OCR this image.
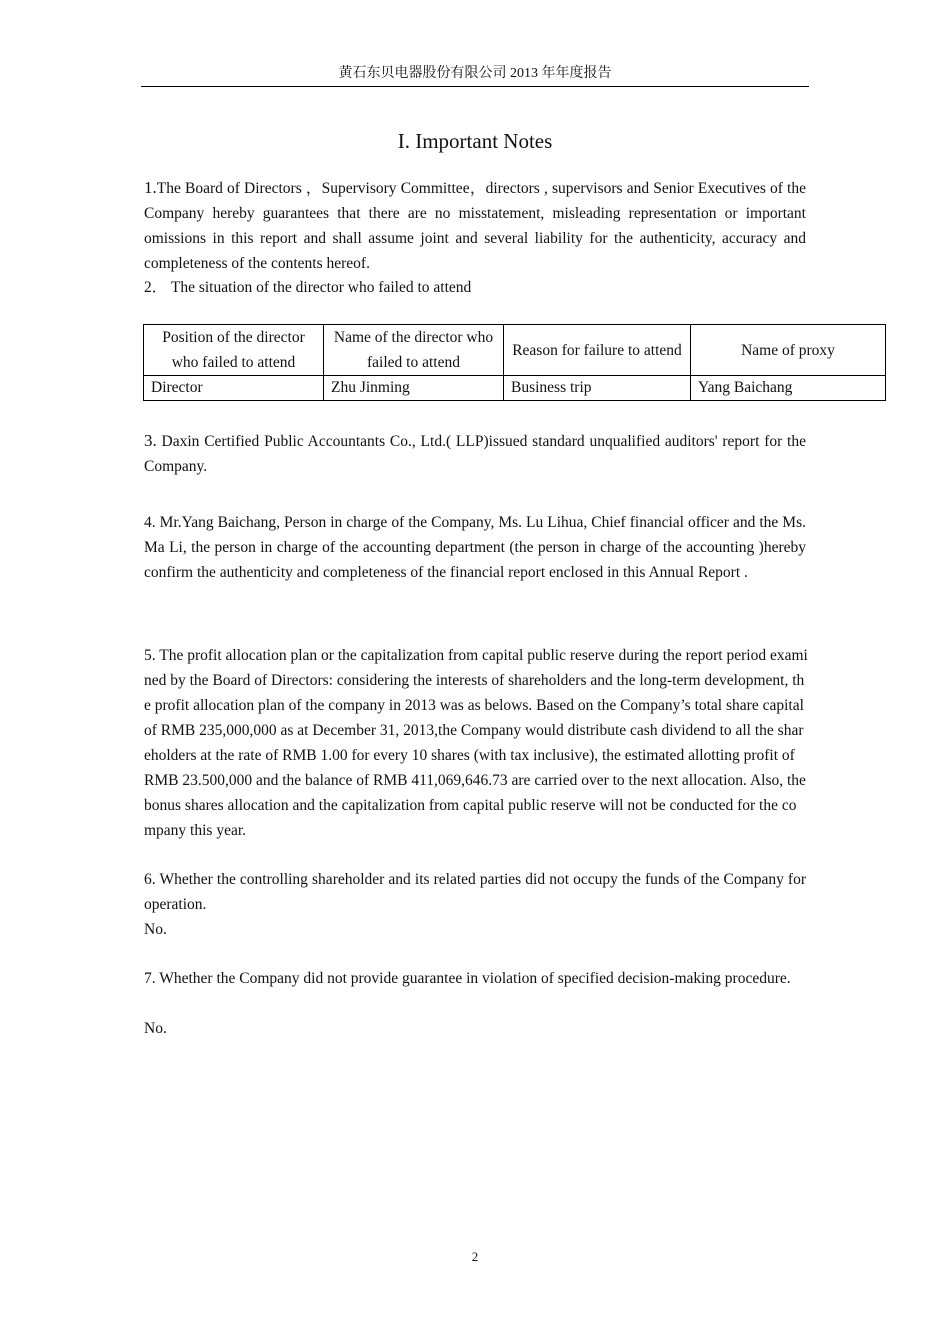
黄石东贝电器股份有限公司 2013 年年度报告
I. Important Notes

1.The Board of Directors ，Supervisory Committee，directors , supervisors and Senior Executives of the Company hereby guarantees that there are no misstatement, misleading representation or important omissions in this report and shall assume joint and several liability for the authenticity, accuracy and completeness of the contents hereof.

2． The situation of the director who failed to attend

Position of the director who failed to attend	Name of the director who failed to attend	Reason for failure to attend	Name of proxy
Director	Zhu Jinming	Business trip	Yang Baichang

3. Daxin Certified Public Accountants Co., Ltd.( LLP)issued standard unqualified auditors' report for the Company.

4. Mr.Yang Baichang, Person in charge of the Company, Ms. Lu Lihua, Chief financial officer and the Ms. Ma Li, the person in charge of the accounting department (the person in charge of the accounting )hereby confirm the authenticity and completeness of the financial report enclosed in this Annual Report .

5. The profit allocation plan or the capitalization from capital public reserve during the report period examined by the Board of Directors: considering the interests of shareholders and the long-term development, the profit allocation plan of the company in 2013 was as belows. Based on the Company’s total share capital of RMB 235,000,000 as at December 31, 2013,the Company would distribute cash dividend to all the shareholders at the rate of RMB 1.00 for every 10 shares (with tax inclusive), the estimated allotting profit of RMB 23.500,000 and the balance of RMB 411,069,646.73 are carried over to the next allocation. Also, the bonus shares allocation and the capitalization from capital public reserve will not be conducted for the company this year.

6. Whether the controlling shareholder and its related parties did not occupy the funds of the Company for operation.

No.

7. Whether the Company did not provide guarantee in violation of specified decision-making procedure.

No.

2
